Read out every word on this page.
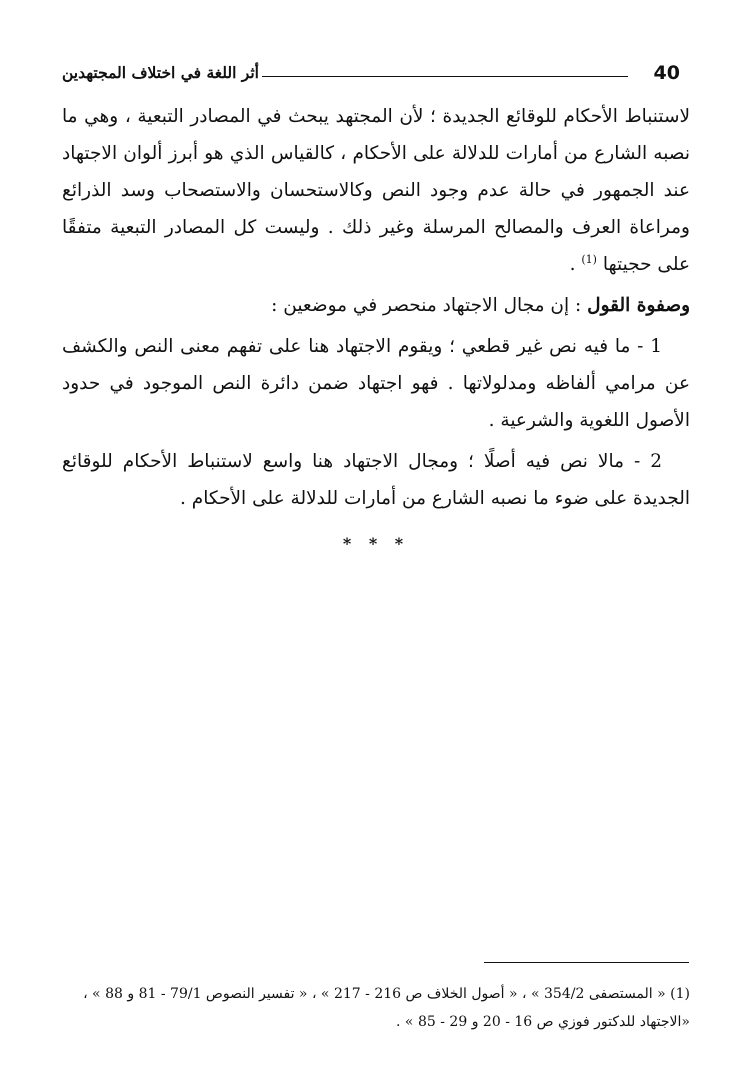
40
أثر اللغة في اختلاف المجتهدين

لاستنباط الأحكام للوقائع الجديدة ؛ لأن المجتهد يبحث في المصادر التبعية ، وهي ما نصبه الشارع من أمارات للدلالة على الأحكام ، كالقياس الذي هو أبرز ألوان الاجتهاد عند الجمهور في حالة عدم وجود النص وكالاستحسان والاستصحاب وسد الذرائع ومراعاة العرف والمصالح المرسلة وغير ذلك . وليست كل المصادر التبعية متفقًا على حجيتها $^{(1)}$ .

وصفوة القول : إن مجال الاجتهاد منحصر في موضعين :

1 - ما فيه نص غير قطعي ؛ ويقوم الاجتهاد هنا على تفهم معنى النص والكشف عن مرامي ألفاظه ومدلولاتها . فهو اجتهاد ضمن دائرة النص الموجود في حدود الأصول اللغوية والشرعية .

2 - مالا نص فيه أصلًا ؛ ومجال الاجتهاد هنا واسع لاستنباط الأحكام للوقائع الجديدة على ضوء ما نصبه الشارع من أمارات للدلالة على الأحكام .

* * *

(1) « المستصفى 354/2 » ، « أصول الخلاف ص 216 - 217 » ، « تفسير النصوص 79/1 - 81 و 88 » ،

«الاجتهاد للدكتور فوزي ص 16 - 20 و 29 - 85 » .
